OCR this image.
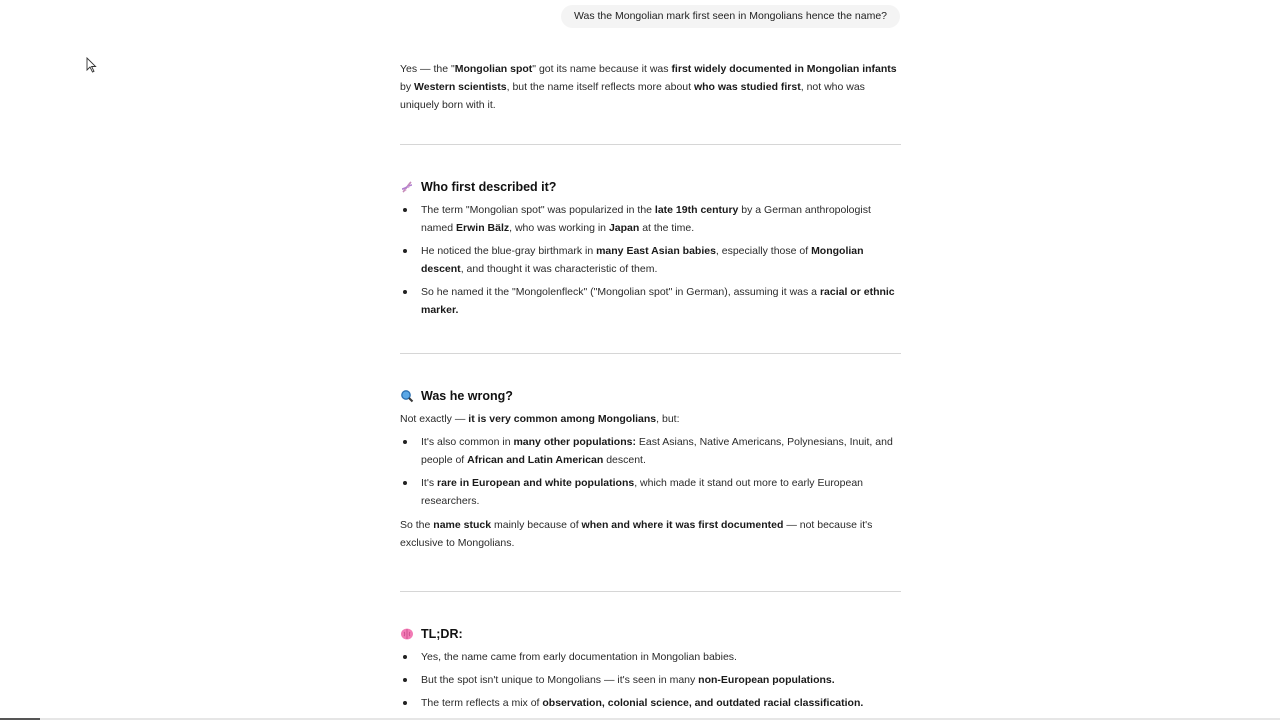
Was the Mongolian mark first seen in Mongolians hence the name?

Yes — the "Mongolian spot" got its name because it was first widely documented in Mongolian infants by Western scientists, but the name itself reflects more about who was studied first, not who was uniquely born with it.

Who first described it?
The term "Mongolian spot" was popularized in the late 19th century by a German anthropologist named Erwin Bälz, who was working in Japan at the time.
He noticed the blue-gray birthmark in many East Asian babies, especially those of Mongolian descent, and thought it was characteristic of them.
So he named it the "Mongolenfleck" ("Mongolian spot" in German), assuming it was a racial or ethnic marker.
Was he wrong?

Not exactly — it is very common among Mongolians, but:

It's also common in many other populations: East Asians, Native Americans, Polynesians, Inuit, and people of African and Latin American descent.
It's rare in European and white populations, which made it stand out more to early European researchers.

So the name stuck mainly because of when and where it was first documented — not because it's exclusive to Mongolians.

TL;DR:
Yes, the name came from early documentation in Mongolian babies.
But the spot isn't unique to Mongolians — it's seen in many non-European populations.
The term reflects a mix of observation, colonial science, and outdated racial classification.
